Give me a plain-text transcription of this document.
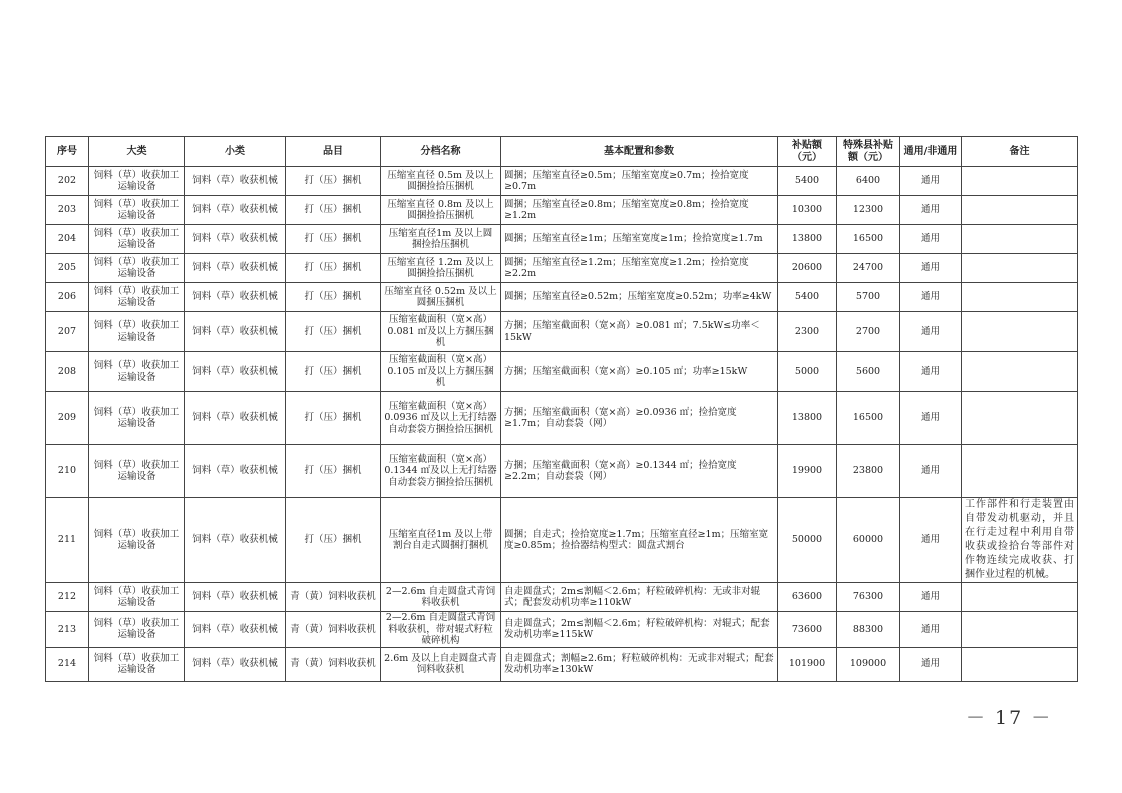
序号	大类	小类	品目	分档名称	基本配置和参数	补贴额（元）	特殊县补贴额（元）	通用/非通用	备注
202	饲料（草）收获加工运输设备	饲料（草）收获机械	打（压）捆机	压缩室直径 0.5m 及以上圆捆捡拾压捆机	圆捆；压缩室直径≥0.5m；压缩室宽度≥0.7m；捡拾宽度≥0.7m	5400	6400	通用	
203	饲料（草）收获加工运输设备	饲料（草）收获机械	打（压）捆机	压缩室直径 0.8m 及以上圆捆捡拾压捆机	圆捆；压缩室直径≥0.8m；压缩室宽度≥0.8m；捡拾宽度≥1.2m	10300	12300	通用	
204	饲料（草）收获加工运输设备	饲料（草）收获机械	打（压）捆机	压缩室直径1m 及以上圆捆捡拾压捆机	圆捆；压缩室直径≥1m；压缩室宽度≥1m；捡拾宽度≥1.7m	13800	16500	通用	
205	饲料（草）收获加工运输设备	饲料（草）收获机械	打（压）捆机	压缩室直径 1.2m 及以上圆捆捡拾压捆机	圆捆；压缩室直径≥1.2m；压缩室宽度≥1.2m；捡拾宽度≥2.2m	20600	24700	通用	
206	饲料（草）收获加工运输设备	饲料（草）收获机械	打（压）捆机	压缩室直径 0.52m 及以上圆捆压捆机	圆捆；压缩室直径≥0.52m；压缩室宽度≥0.52m；功率≥4kW	5400	5700	通用	
207	饲料（草）收获加工运输设备	饲料（草）收获机械	打（压）捆机	压缩室截面积（宽×高）0.081 ㎡及以上方捆压捆机	方捆；压缩室截面积（宽×高）≥0.081 ㎡；7.5kW≤功率＜15kW	2300	2700	通用	
208	饲料（草）收获加工运输设备	饲料（草）收获机械	打（压）捆机	压缩室截面积（宽×高）0.105 ㎡及以上方捆压捆机	方捆；压缩室截面积（宽×高）≥0.105 ㎡；功率≥15kW	5000	5600	通用	
209	饲料（草）收获加工运输设备	饲料（草）收获机械	打（压）捆机	压缩室截面积（宽×高）0.0936 ㎡及以上无打结器自动套袋方捆捡拾压捆机	方捆；压缩室截面积（宽×高）≥0.0936 ㎡；捡拾宽度≥1.7m；自动套袋（网）	13800	16500	通用	
210	饲料（草）收获加工运输设备	饲料（草）收获机械	打（压）捆机	压缩室截面积（宽×高）0.1344 ㎡及以上无打结器自动套袋方捆捡拾压捆机	方捆；压缩室截面积（宽×高）≥0.1344 ㎡；捡拾宽度≥2.2m；自动套袋（网）	19900	23800	通用	
211	饲料（草）收获加工运输设备	饲料（草）收获机械	打（压）捆机	压缩室直径1m 及以上带割台自走式圆捆打捆机	圆捆；自走式；捡拾宽度≥1.7m；压缩室直径≥1m；压缩室宽度≥0.85m；捡拾器结构型式：圆盘式割台	50000	60000	通用	工作部件和行走装置由自带发动机驱动，并且在行走过程中利用自带收获或捡拾台等部件对作物连续完成收获、打捆作业过程的机械。
212	饲料（草）收获加工运输设备	饲料（草）收获机械	青（黄）饲料收获机	2—2.6m 自走圆盘式青饲料收获机	自走圆盘式；2m≤割幅＜2.6m；籽粒破碎机构：无或非对辊式；配套发动机功率≥110kW	63600	76300	通用	
213	饲料（草）收获加工运输设备	饲料（草）收获机械	青（黄）饲料收获机	2—2.6m 自走圆盘式青饲料收获机，带对辊式籽粒破碎机构	自走圆盘式；2m≤割幅＜2.6m；籽粒破碎机构：对辊式；配套发动机功率≥115kW	73600	88300	通用	
214	饲料（草）收获加工运输设备	饲料（草）收获机械	青（黄）饲料收获机	2.6m 及以上自走圆盘式青饲料收获机	自走圆盘式；割幅≥2.6m；籽粒破碎机构：无或非对辊式；配套发动机功率≥130kW	101900	109000	通用	
－ 17 －
